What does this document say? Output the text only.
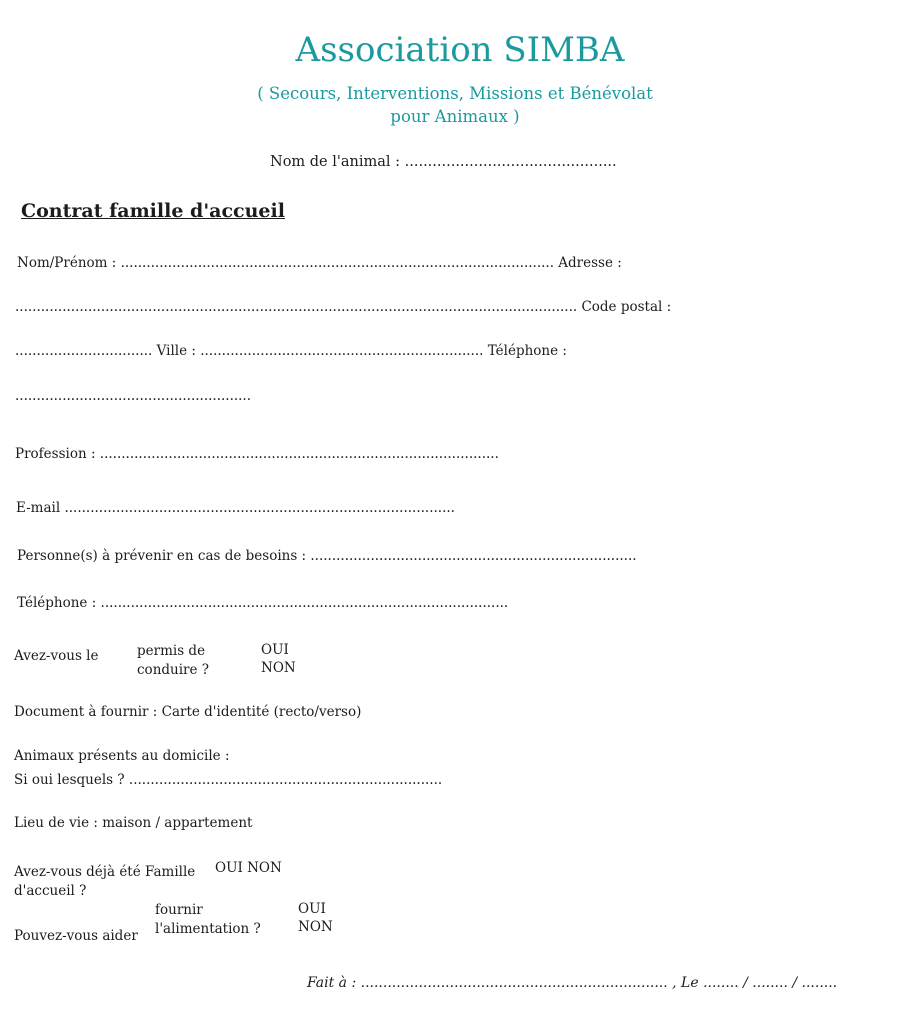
Association SIMBA
( Secours, Interventions, Missions et Bénévolat
pour Animaux )
Nom de l'animal : ..............................................
Contrat famille d'accueil
Nom/Prénom : ..................................................................................................... Adresse :
................................................................................................................................... Code postal :
................................ Ville : .................................................................. Téléphone :
.......................................................
Profession : .............................................................................................
E-mail ...........................................................................................
Personne(s) à prévenir en cas de besoins : ............................................................................
Téléphone : ...............................................................................................
Avez-vous le	permis de
conduire ?
OUI
NON
Document à fournir : Carte d'identité (recto/verso)
Animaux présents au domicile :
Si oui lesquels ? .........................................................................
Lieu de vie : maison / appartement
Avez-vous déjà été Famille
d'accueil ?
OUI NON
fournir
l'alimentation ?
Pouvez-vous aider
OUI
NON
Fait à : ..................................................................... , Le ........ / ........ / ........
